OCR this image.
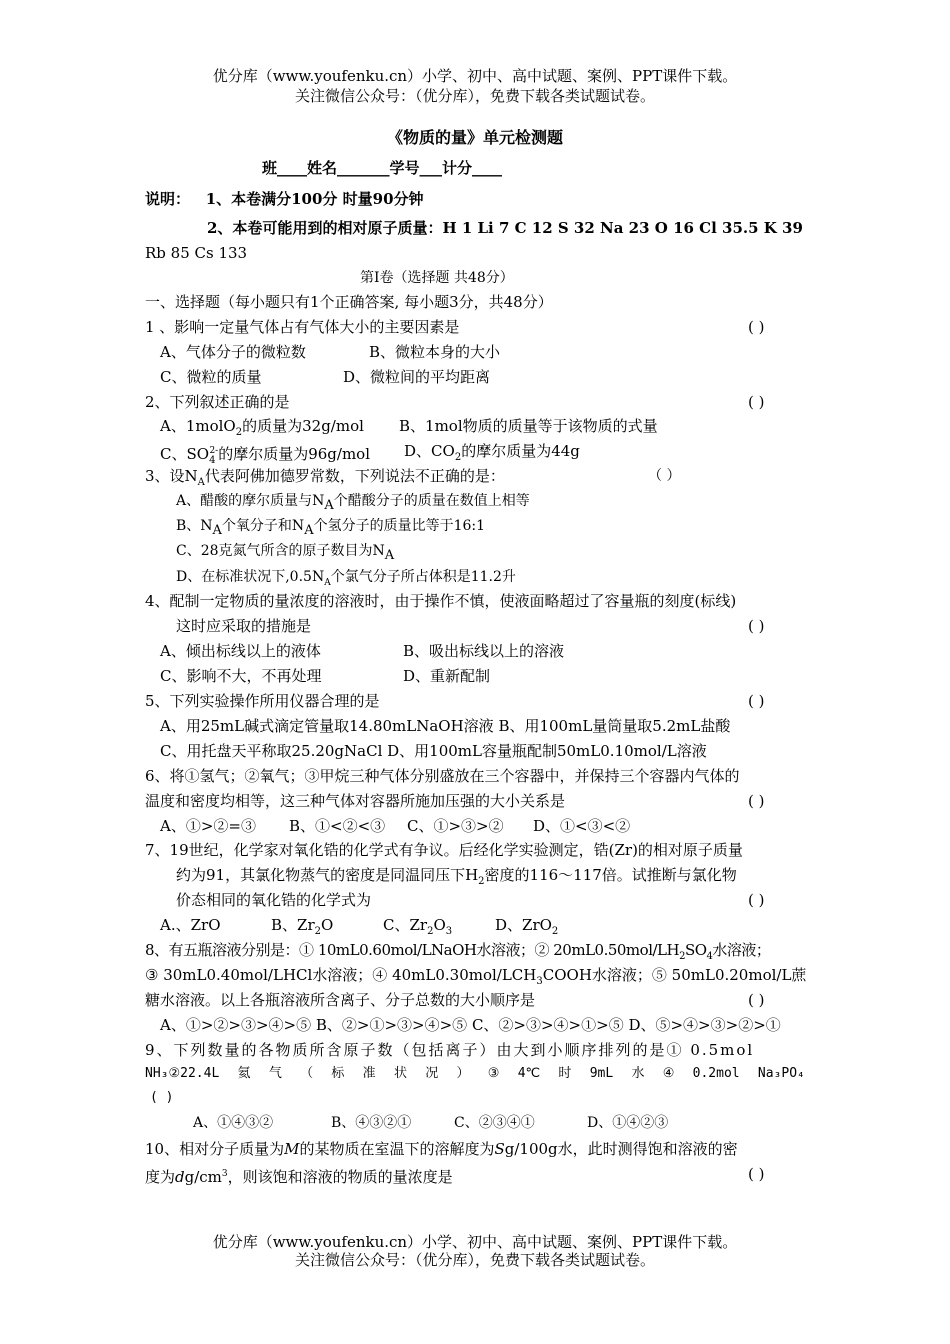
优分库（www.youfenku.cn）小学、初中、高中试题、案例、PPT课件下载。
关注微信公众号：（优分库），免费下载各类试题试卷。
《物质的量》单元检测题
班____姓名_______学号___计分____
说明： 1、本卷满分100分 时量90分钟
2、本卷可能用到的相对原子质量：H 1 Li 7 C 12 S 32 Na 23 O 16 Cl 35.5 K 39
Rb 85 Cs 133
第Ⅰ卷（选择题 共48分）
一、选择题（每小题只有1个正确答案, 每小题3分，共48分）
1 、影响一定量气体占有气体大小的主要因素是	( )
A、气体分子的微粒数	B、微粒本身的大小
C、微粒的质量	D、微粒间的平均距离
2、下列叙述正确的是	( )
A、1molO$_2$的质量为32g/mol B、1mol物质的质量等于该物质的式量
C、$SO_4^{2-}$的摩尔质量为96g/mol D、$CO_2$的摩尔质量为44g
3、设$N_A$代表阿佛加德罗常数，下列说法不正确的是：	（ ）
A、醋酸的摩尔质量与$N_A$个醋酸分子的质量在数值上相等
B、$N_A$个氧分子和$N_A$个氢分子的质量比等于16:1
C、28克氮气所含的原子数目为$N_A$
D、在标准状况下$,0.5N_A$个氯气分子所占体积是11.2升
4、配制一定物质的量浓度的溶液时，由于操作不慎，使液面略超过了容量瓶的刻度(标线)
这时应采取的措施是	( )
A、倾出标线以上的液体	B、吸出标线以上的溶液
C、影响不大，不再处理	D、重新配制
5、下列实验操作所用仪器合理的是	( )
A、用25mL碱式滴定管量取14.80mLNaOH溶液 B、用100mL量筒量取5.2mL盐酸
C、用托盘天平称取25.20gNaCl D、用100mL容量瓶配制50mL0.10mol/L溶液
6、将①氢气；②氧气；③甲烷三种气体分别盛放在三个容器中，并保持三个容器内气体的
温度和密度均相等，这三种气体对容器所施加压强的大小关系是	( )
A、①>②=③ B、①<②<③ C、①>③>② D、①<③<②
7、19世纪，化学家对氧化锆的化学式有争议。后经化学实验测定，锆(Zr)的相对原子质量
约为91，其氯化物蒸气的密度是同温同压下$H_2$密度的116～117倍。试推断与氯化物
价态相同的氧化锆的化学式为	( )
A.、ZrO	B、$Zr_2O$	C、$Zr_2O_3$	D、ZrO$_2$
8、有五瓶溶液分别是：① 10mL0.60mol/LNaOH水溶液；② $20mL0.50mol/LH_2SO_4$水溶液；
③ 30mL0.40mol/LHCl水溶液；④ $40mL0.30mol/LCH_3COOH$水溶液；⑤ 50mL0.20mol/L蔗
糖水溶液。以上各瓶溶液所含离子、分子总数的大小顺序是	( )
A、①>②>③>④>⑤ B、②>①>③>④>⑤ C、②>③>④>①>⑤ D、⑤>④>③>②>①
9、下列数量的各物质所含原子数（包括离子）由大到小顺序排列的是① 0.5mol
NH₃②22.4L 氦 气 （ 标 准 状 况 ） ③ 4℃ 时 9mL 水 ④ 0.2mol Na₃PO₄
( )
A、①④③②	B、④③②①	C、②③④①	D、①④②③
10、相对分子质量为M的某物质在室温下的溶解度为Sg/100g水，此时测得饱和溶液的密
度为$dg/cm^3$，则该饱和溶液的物质的量浓度是	( )
优分库（www.youfenku.cn）小学、初中、高中试题、案例、PPT课件下载。
关注微信公众号：（优分库），免费下载各类试题试卷。
